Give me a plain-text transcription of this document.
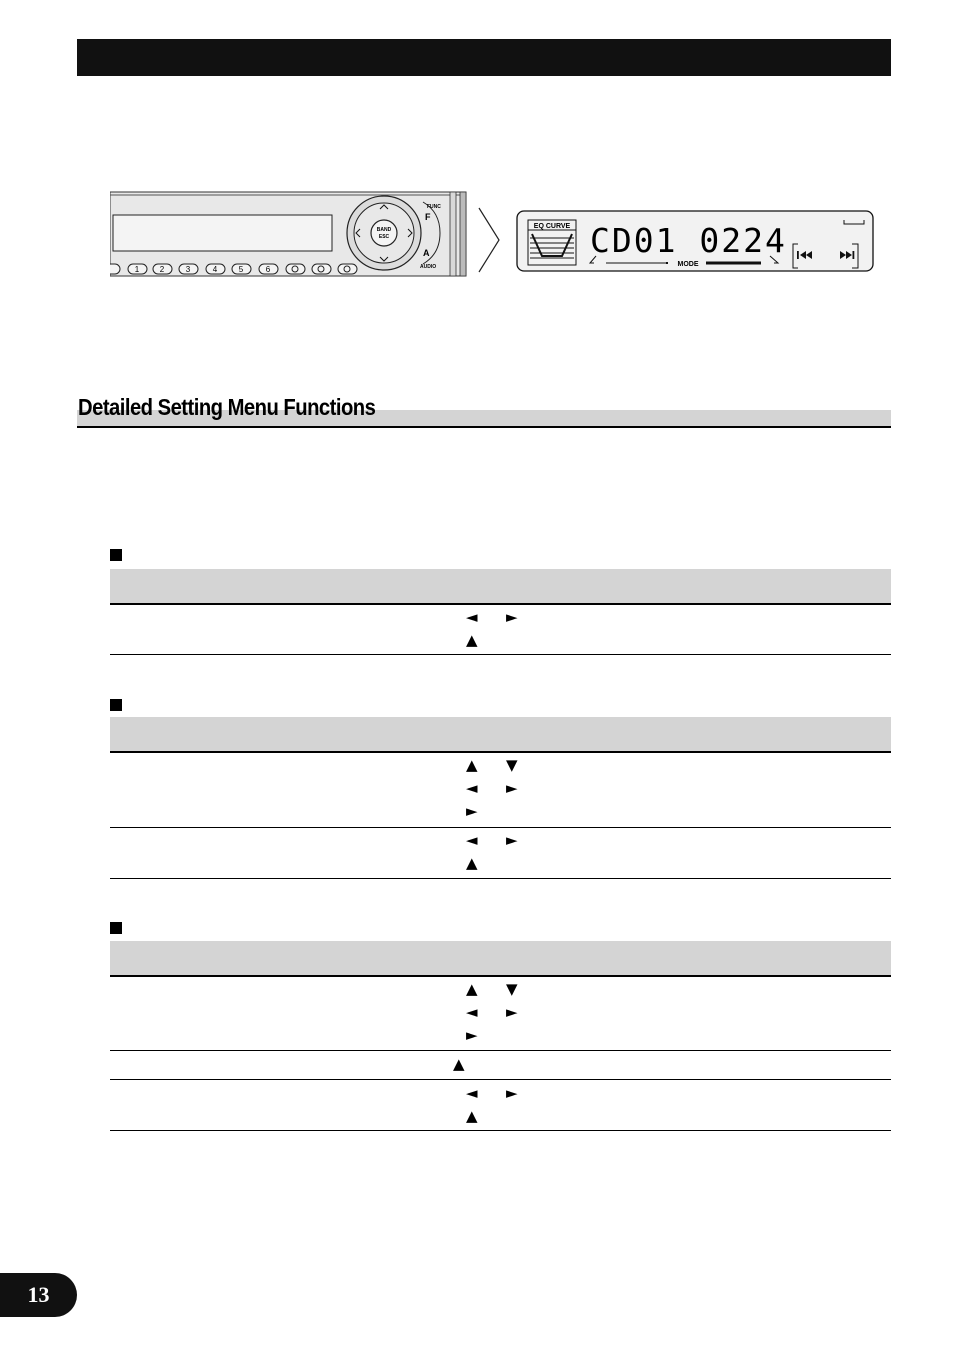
BAND
ESC
FUNC
F
A
AUDIO
1	2	3	4	5	6
EQ CURVE CD01 0224
MODE
Detailed Setting Menu Functions
◄ ►
▲
▲ ▼
◄ ►
►
◄ ►
▲
▲ ▼
◄ ►
►
▲
◄ ►
▲
13
